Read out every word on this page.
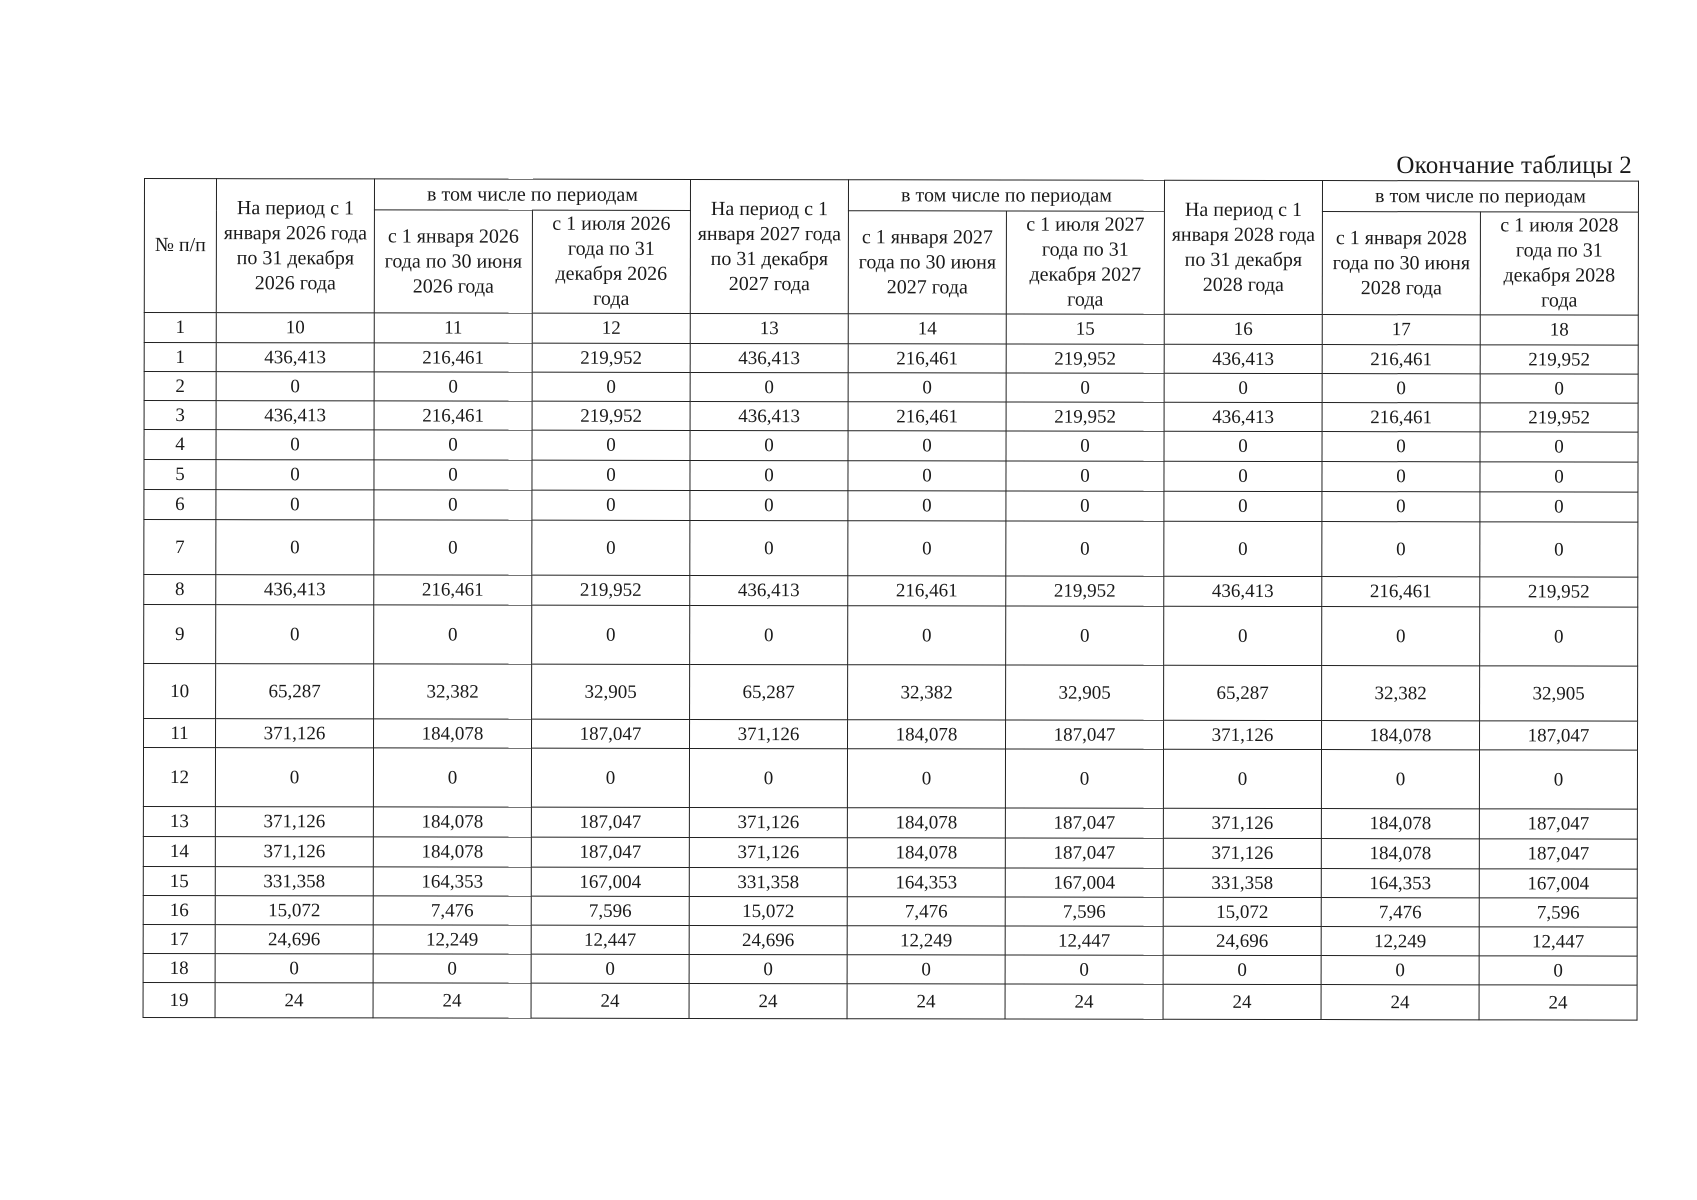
Окончание таблицы 2
№ п/п	На период с 1 января 2026 года по 31 декабря 2026 года	в том числе по периодам		На период с 1 января 2027 года по 31 декабря 2027 года	в том числе по периодам		На период с 1 января 2028 года по 31 декабря 2028 года	в том числе по периодам	
		с 1 января 2026 года по 30 июня 2026 года	с 1 июля 2026 года по 31 декабря 2026 года		с 1 января 2027 года по 30 июня 2027 года	с 1 июля 2027 года по 31 декабря 2027 года		с 1 января 2028 года по 30 июня 2028 года	с 1 июля 2028 года по 31 декабря 2028 года
1	10	11	12	13	14	15	16	17	18
1	436,413	216,461	219,952	436,413	216,461	219,952	436,413	216,461	219,952
2	0	0	0	0	0	0	0	0	0
3	436,413	216,461	219,952	436,413	216,461	219,952	436,413	216,461	219,952
4	0	0	0	0	0	0	0	0	0
5	0	0	0	0	0	0	0	0	0
6	0	0	0	0	0	0	0	0	0
7	0	0	0	0	0	0	0	0	0
8	436,413	216,461	219,952	436,413	216,461	219,952	436,413	216,461	219,952
9	0	0	0	0	0	0	0	0	0
10	65,287	32,382	32,905	65,287	32,382	32,905	65,287	32,382	32,905
11	371,126	184,078	187,047	371,126	184,078	187,047	371,126	184,078	187,047
12	0	0	0	0	0	0	0	0	0
13	371,126	184,078	187,047	371,126	184,078	187,047	371,126	184,078	187,047
14	371,126	184,078	187,047	371,126	184,078	187,047	371,126	184,078	187,047
15	331,358	164,353	167,004	331,358	164,353	167,004	331,358	164,353	167,004
16	15,072	7,476	7,596	15,072	7,476	7,596	15,072	7,476	7,596
17	24,696	12,249	12,447	24,696	12,249	12,447	24,696	12,249	12,447
18	0	0	0	0	0	0	0	0	0
19	24	24	24	24	24	24	24	24	24
